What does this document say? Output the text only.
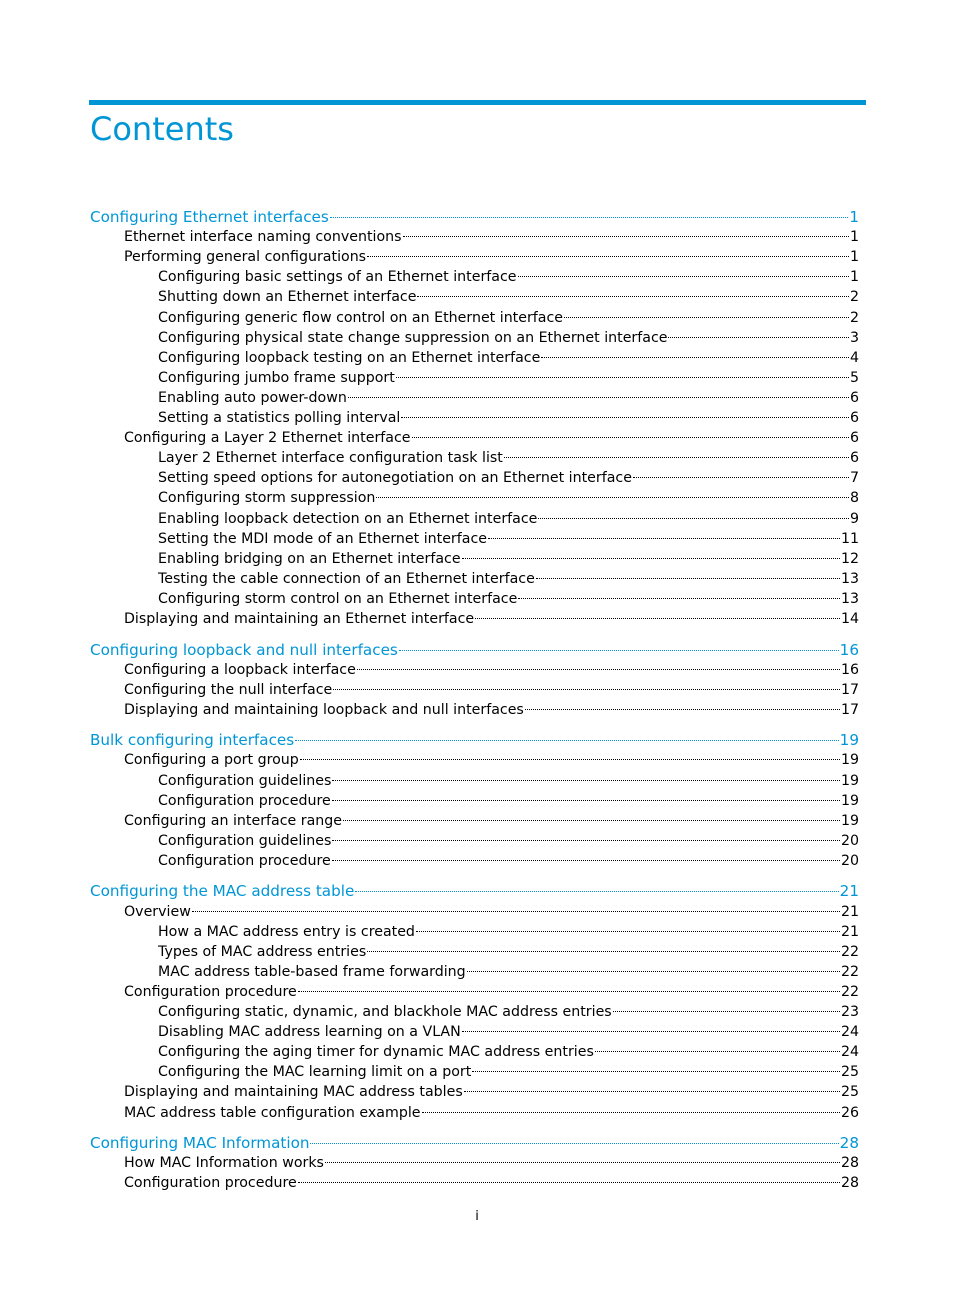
Contents
Configuring Ethernet interfaces	1
Ethernet interface naming conventions	1
Performing general configurations	1
Configuring basic settings of an Ethernet interface	1
Shutting down an Ethernet interface	2
Configuring generic flow control on an Ethernet interface	2
Configuring physical state change suppression on an Ethernet interface	3
Configuring loopback testing on an Ethernet interface	4
Configuring jumbo frame support	5
Enabling auto power-down	6
Setting a statistics polling interval	6
Configuring a Layer 2 Ethernet interface	6
Layer 2 Ethernet interface configuration task list	6
Setting speed options for autonegotiation on an Ethernet interface	7
Configuring storm suppression	8
Enabling loopback detection on an Ethernet interface	9
Setting the MDI mode of an Ethernet interface	11
Enabling bridging on an Ethernet interface	12
Testing the cable connection of an Ethernet interface	13
Configuring storm control on an Ethernet interface	13
Displaying and maintaining an Ethernet interface	14
Configuring loopback and null interfaces	16
Configuring a loopback interface	16
Configuring the null interface	17
Displaying and maintaining loopback and null interfaces	17
Bulk configuring interfaces	19
Configuring a port group	19
Configuration guidelines	19
Configuration procedure	19
Configuring an interface range	19
Configuration guidelines	20
Configuration procedure	20
Configuring the MAC address table	21
Overview	21
How a MAC address entry is created	21
Types of MAC address entries	22
MAC address table-based frame forwarding	22
Configuration procedure	22
Configuring static, dynamic, and blackhole MAC address entries	23
Disabling MAC address learning on a VLAN	24
Configuring the aging timer for dynamic MAC address entries	24
Configuring the MAC learning limit on a port	25
Displaying and maintaining MAC address tables	25
MAC address table configuration example	26
Configuring MAC Information	28
How MAC Information works	28
Configuration procedure	28
i
